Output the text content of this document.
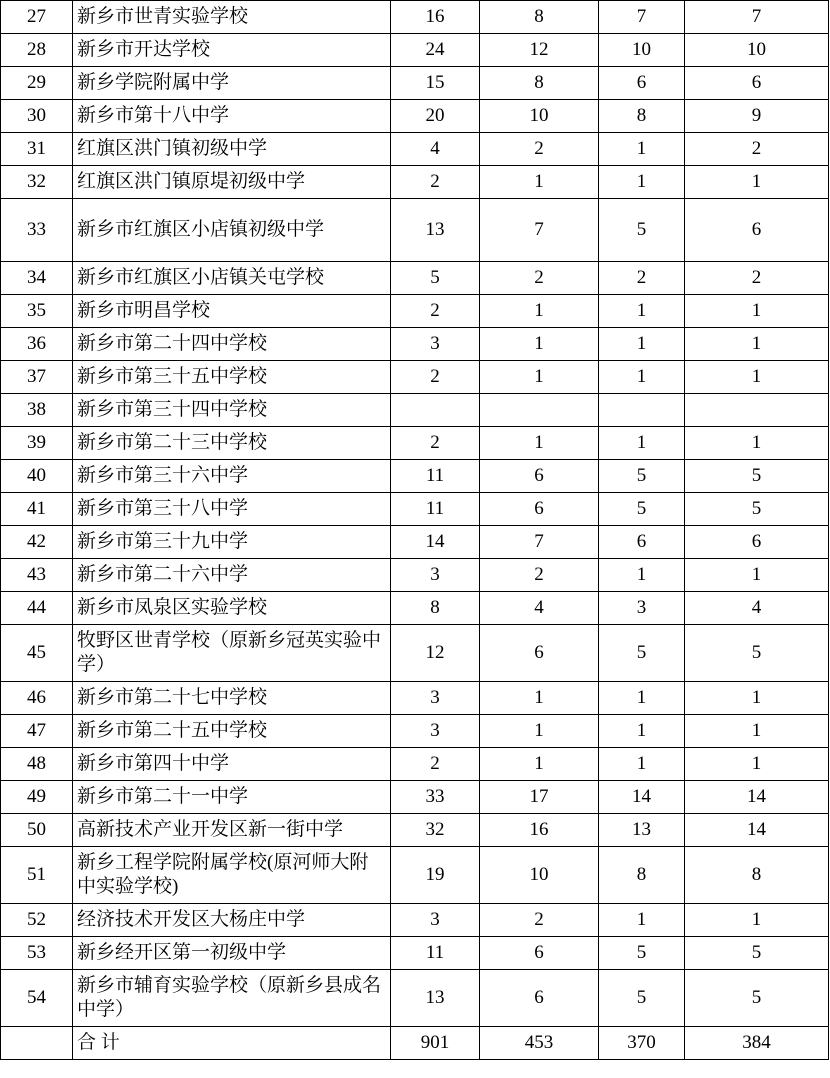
27	新乡市世青实验学校	16	8	7	7
28	新乡市开达学校	24	12	10	10
29	新乡学院附属中学	15	8	6	6
30	新乡市第十八中学	20	10	8	9
31	红旗区洪门镇初级中学	4	2	1	2
32	红旗区洪门镇原堤初级中学	2	1	1	1
33	新乡市红旗区小店镇初级中学	13	7	5	6
34	新乡市红旗区小店镇关屯学校	5	2	2	2
35	新乡市明昌学校	2	1	1	1
36	新乡市第二十四中学校	3	1	1	1
37	新乡市第三十五中学校	2	1	1	1
38	新乡市第三十四中学校				
39	新乡市第二十三中学校	2	1	1	1
40	新乡市第三十六中学	11	6	5	5
41	新乡市第三十八中学	11	6	5	5
42	新乡市第三十九中学	14	7	6	6
43	新乡市第二十六中学	3	2	1	1
44	新乡市凤泉区实验学校	8	4	3	4
45	牧野区世青学校（原新乡冠英实验中学）	12	6	5	5
46	新乡市第二十七中学校	3	1	1	1
47	新乡市第二十五中学校	3	1	1	1
48	新乡市第四十中学	2	1	1	1
49	新乡市第二十一中学	33	17	14	14
50	高新技术产业开发区新一街中学	32	16	13	14
51	新乡工程学院附属学校(原河师大附中实验学校)	19	10	8	8
52	经济技术开发区大杨庄中学	3	2	1	1
53	新乡经开区第一初级中学	11	6	5	5
54	新乡市辅育实验学校（原新乡县成名中学）	13	6	5	5
	合 计	901	453	370	384
